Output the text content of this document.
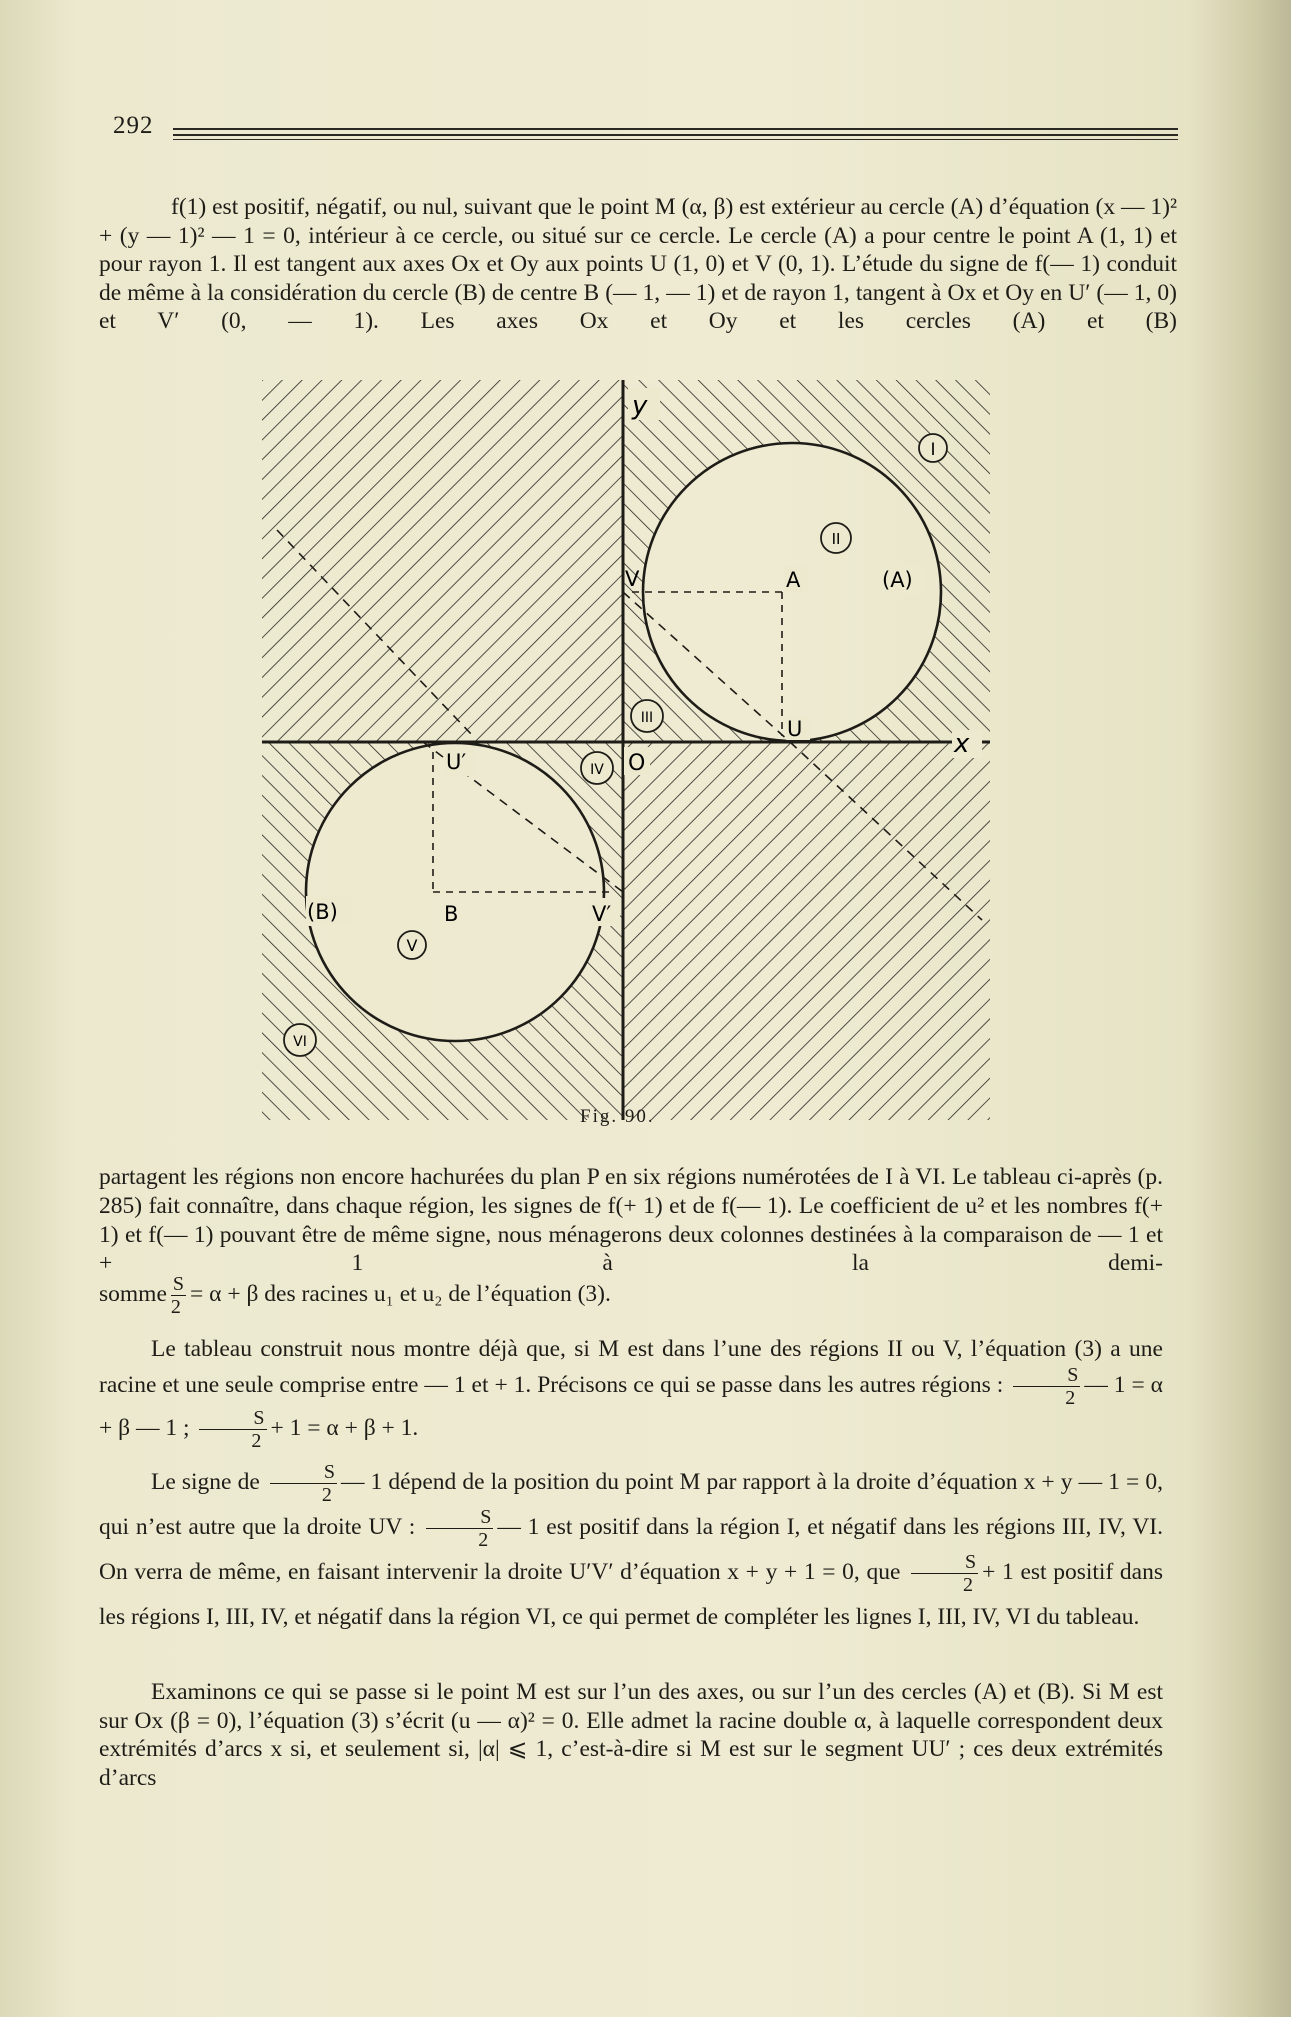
292

f(1) est positif, négatif, ou nul, suivant que le point M (α, β) est extérieur au cercle (A) d’équation (x — 1)² + (y — 1)² — 1 = 0, intérieur à ce cercle, ou situé sur ce cercle. Le cercle (A) a pour centre le point A (1, 1) et pour rayon 1. Il est tangent aux axes Ox et Oy aux points U (1, 0) et V (0, 1). L’étude du signe de f(— 1) conduit de même à la considération du cercle (B) de centre B (— 1, — 1) et de rayon 1, tangent à Ox et Oy en U′ (— 1, 0) et V′ (0, — 1). Les axes Ox et Oy et les cercles (A) et (B)

y
x
O
V	A
U
(A)
U′
B	V′
(B)
I
II
III
IV
V
VI
Fig. 90.

partagent les régions non encore hachurées du plan P en six régions numérotées de I à VI. Le tableau ci-après (p. 285) fait connaître, dans chaque région, les signes de f(+ 1) et de f(— 1). Le coefficient de u² et les nombres f(+ 1) et f(— 1) pouvant être de même signe, nous ménagerons deux colonnes destinées à la comparaison de — 1 et + 1 à la demi-

somme $\frac{S}{2} = \alpha + \beta$ des racines u₁ et u₂ de l’équation (3).

Le tableau construit nous montre déjà que, si M est dans l’une des régions II ou V, l’équation (3) a une racine et une seule comprise entre — 1 et + 1. Précisons ce qui se passe dans les autres régions : $\frac{S}{2}$ — 1 = α + β — 1 ; $\frac{S}{2} + 1 = \alpha + \beta + 1$.

Le signe de $\frac{S}{2}$ — 1 dépend de la position du point M par rapport à la droite d’équation x + y — 1 = 0, qui n’est autre que la droite UV : $\frac{S}{2}$ — 1 est positif dans la région I, et négatif dans les régions III, IV, VI. On verra de même, en faisant intervenir la droite U′V′ d’équation x + y + 1 = 0, que $\frac{S}{2} + 1$ est positif dans les régions I, III, IV, et négatif dans la région VI, ce qui permet de compléter les lignes I, III, IV, VI du tableau.

Examinons ce qui se passe si le point M est sur l’un des axes, ou sur l’un des cercles (A) et (B). Si M est sur Ox (β = 0), l’équation (3) s’écrit (u — α)² = 0. Elle admet la racine double α, à laquelle correspondent deux extrémités d’arcs x si, et seulement si, |α| ⩽ 1, c’est-à-dire si M est sur le segment UU′ ; ces deux extrémités d’arcs
